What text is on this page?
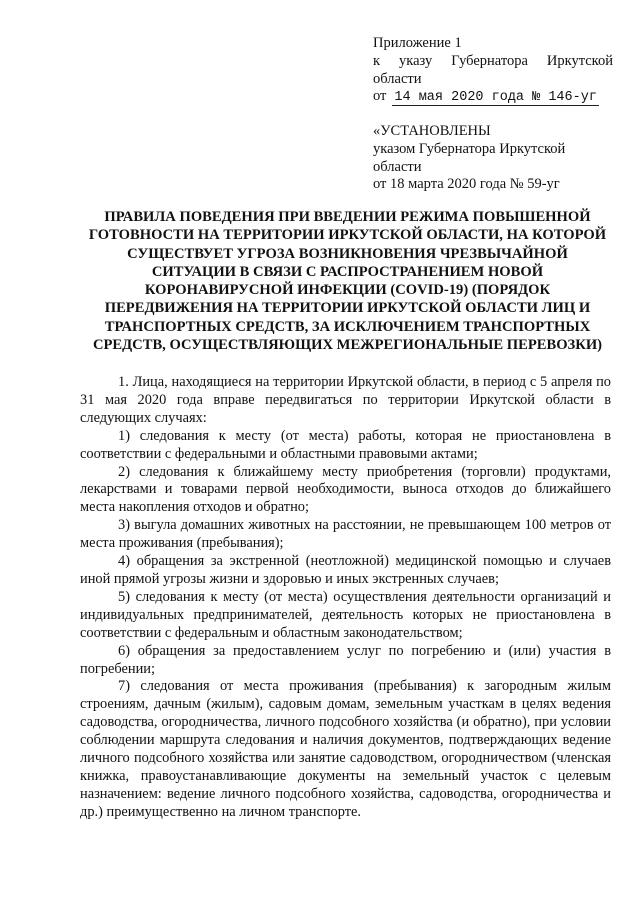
Приложение 1
к указу Губернатора Иркутской
области
от 14 мая 2020 года № 146-уг
«УСТАНОВЛЕНЫ
указом Губернатора Иркутской
области
от 18 марта 2020 года № 59-уг
ПРАВИЛА ПОВЕДЕНИЯ ПРИ ВВЕДЕНИИ РЕЖИМА ПОВЫШЕННОЙ ГОТОВНОСТИ НА ТЕРРИТОРИИ ИРКУТСКОЙ ОБЛАСТИ, НА КОТОРОЙ СУЩЕСТВУЕТ УГРОЗА ВОЗНИКНОВЕНИЯ ЧРЕЗВЫЧАЙНОЙ СИТУАЦИИ В СВЯЗИ С РАСПРОСТРАНЕНИЕМ НОВОЙ КОРОНАВИРУСНОЙ ИНФЕКЦИИ (COVID-19) (ПОРЯДОК ПЕРЕДВИЖЕНИЯ НА ТЕРРИТОРИИ ИРКУТСКОЙ ОБЛАСТИ ЛИЦ И ТРАНСПОРТНЫХ СРЕДСТВ, ЗА ИСКЛЮЧЕНИЕМ ТРАНСПОРТНЫХ СРЕДСТВ, ОСУЩЕСТВЛЯЮЩИХ МЕЖРЕГИОНАЛЬНЫЕ ПЕРЕВОЗКИ)

1. Лица, находящиеся на территории Иркутской области, в период с 5 апреля по 31 мая 2020 года вправе передвигаться по территории Иркутской области в следующих случаях:

1) следования к месту (от места) работы, которая не приостановлена в соответствии с федеральными и областными правовыми актами;

2) следования к ближайшему месту приобретения (торговли) продуктами, лекарствами и товарами первой необходимости, выноса отходов до ближайшего места накопления отходов и обратно;

3) выгула домашних животных на расстоянии, не превышающем 100 метров от места проживания (пребывания);

4) обращения за экстренной (неотложной) медицинской помощью и случаев иной прямой угрозы жизни и здоровью и иных экстренных случаев;

5) следования к месту (от места) осуществления деятельности организаций и индивидуальных предпринимателей, деятельность которых не приостановлена в соответствии с федеральным и областным законодательством;

6) обращения за предоставлением услуг по погребению и (или) участия в погребении;

7) следования от места проживания (пребывания) к загородным жилым строениям, дачным (жилым), садовым домам, земельным участкам в целях ведения садоводства, огородничества, личного подсобного хозяйства (и обратно), при условии соблюдении маршрута следования и наличия документов, подтверждающих ведение личного подсобного хозяйства или занятие садоводством, огородничеством (членская книжка, правоустанавливающие документы на земельный участок с целевым назначением: ведение личного подсобного хозяйства, садоводства, огородничества и др.) преимущественно на личном транспорте.
